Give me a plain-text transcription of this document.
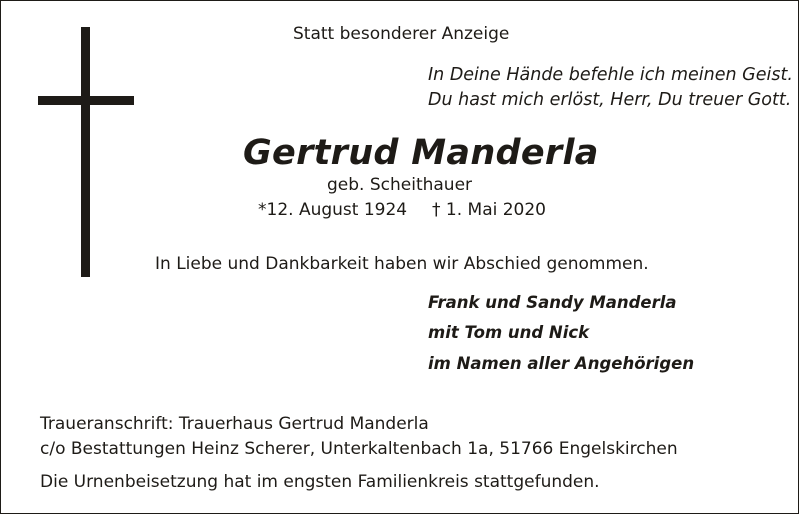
Statt besonderer Anzeige
In Deine Hände befehle ich meinen Geist.
Du hast mich erlöst, Herr, Du treuer Gott.
Gertrud Manderla
geb. Scheithauer
*12. August 1924 † 1. Mai 2020
In Liebe und Dankbarkeit haben wir Abschied genommen.
Frank und Sandy Manderla
mit Tom und Nick
im Namen aller Angehörigen
Traueranschrift: Trauerhaus Gertrud Manderla
c/o Bestattungen Heinz Scherer, Unterkaltenbach 1a, 51766 Engelskirchen
Die Urnenbeisetzung hat im engsten Familienkreis stattgefunden.
